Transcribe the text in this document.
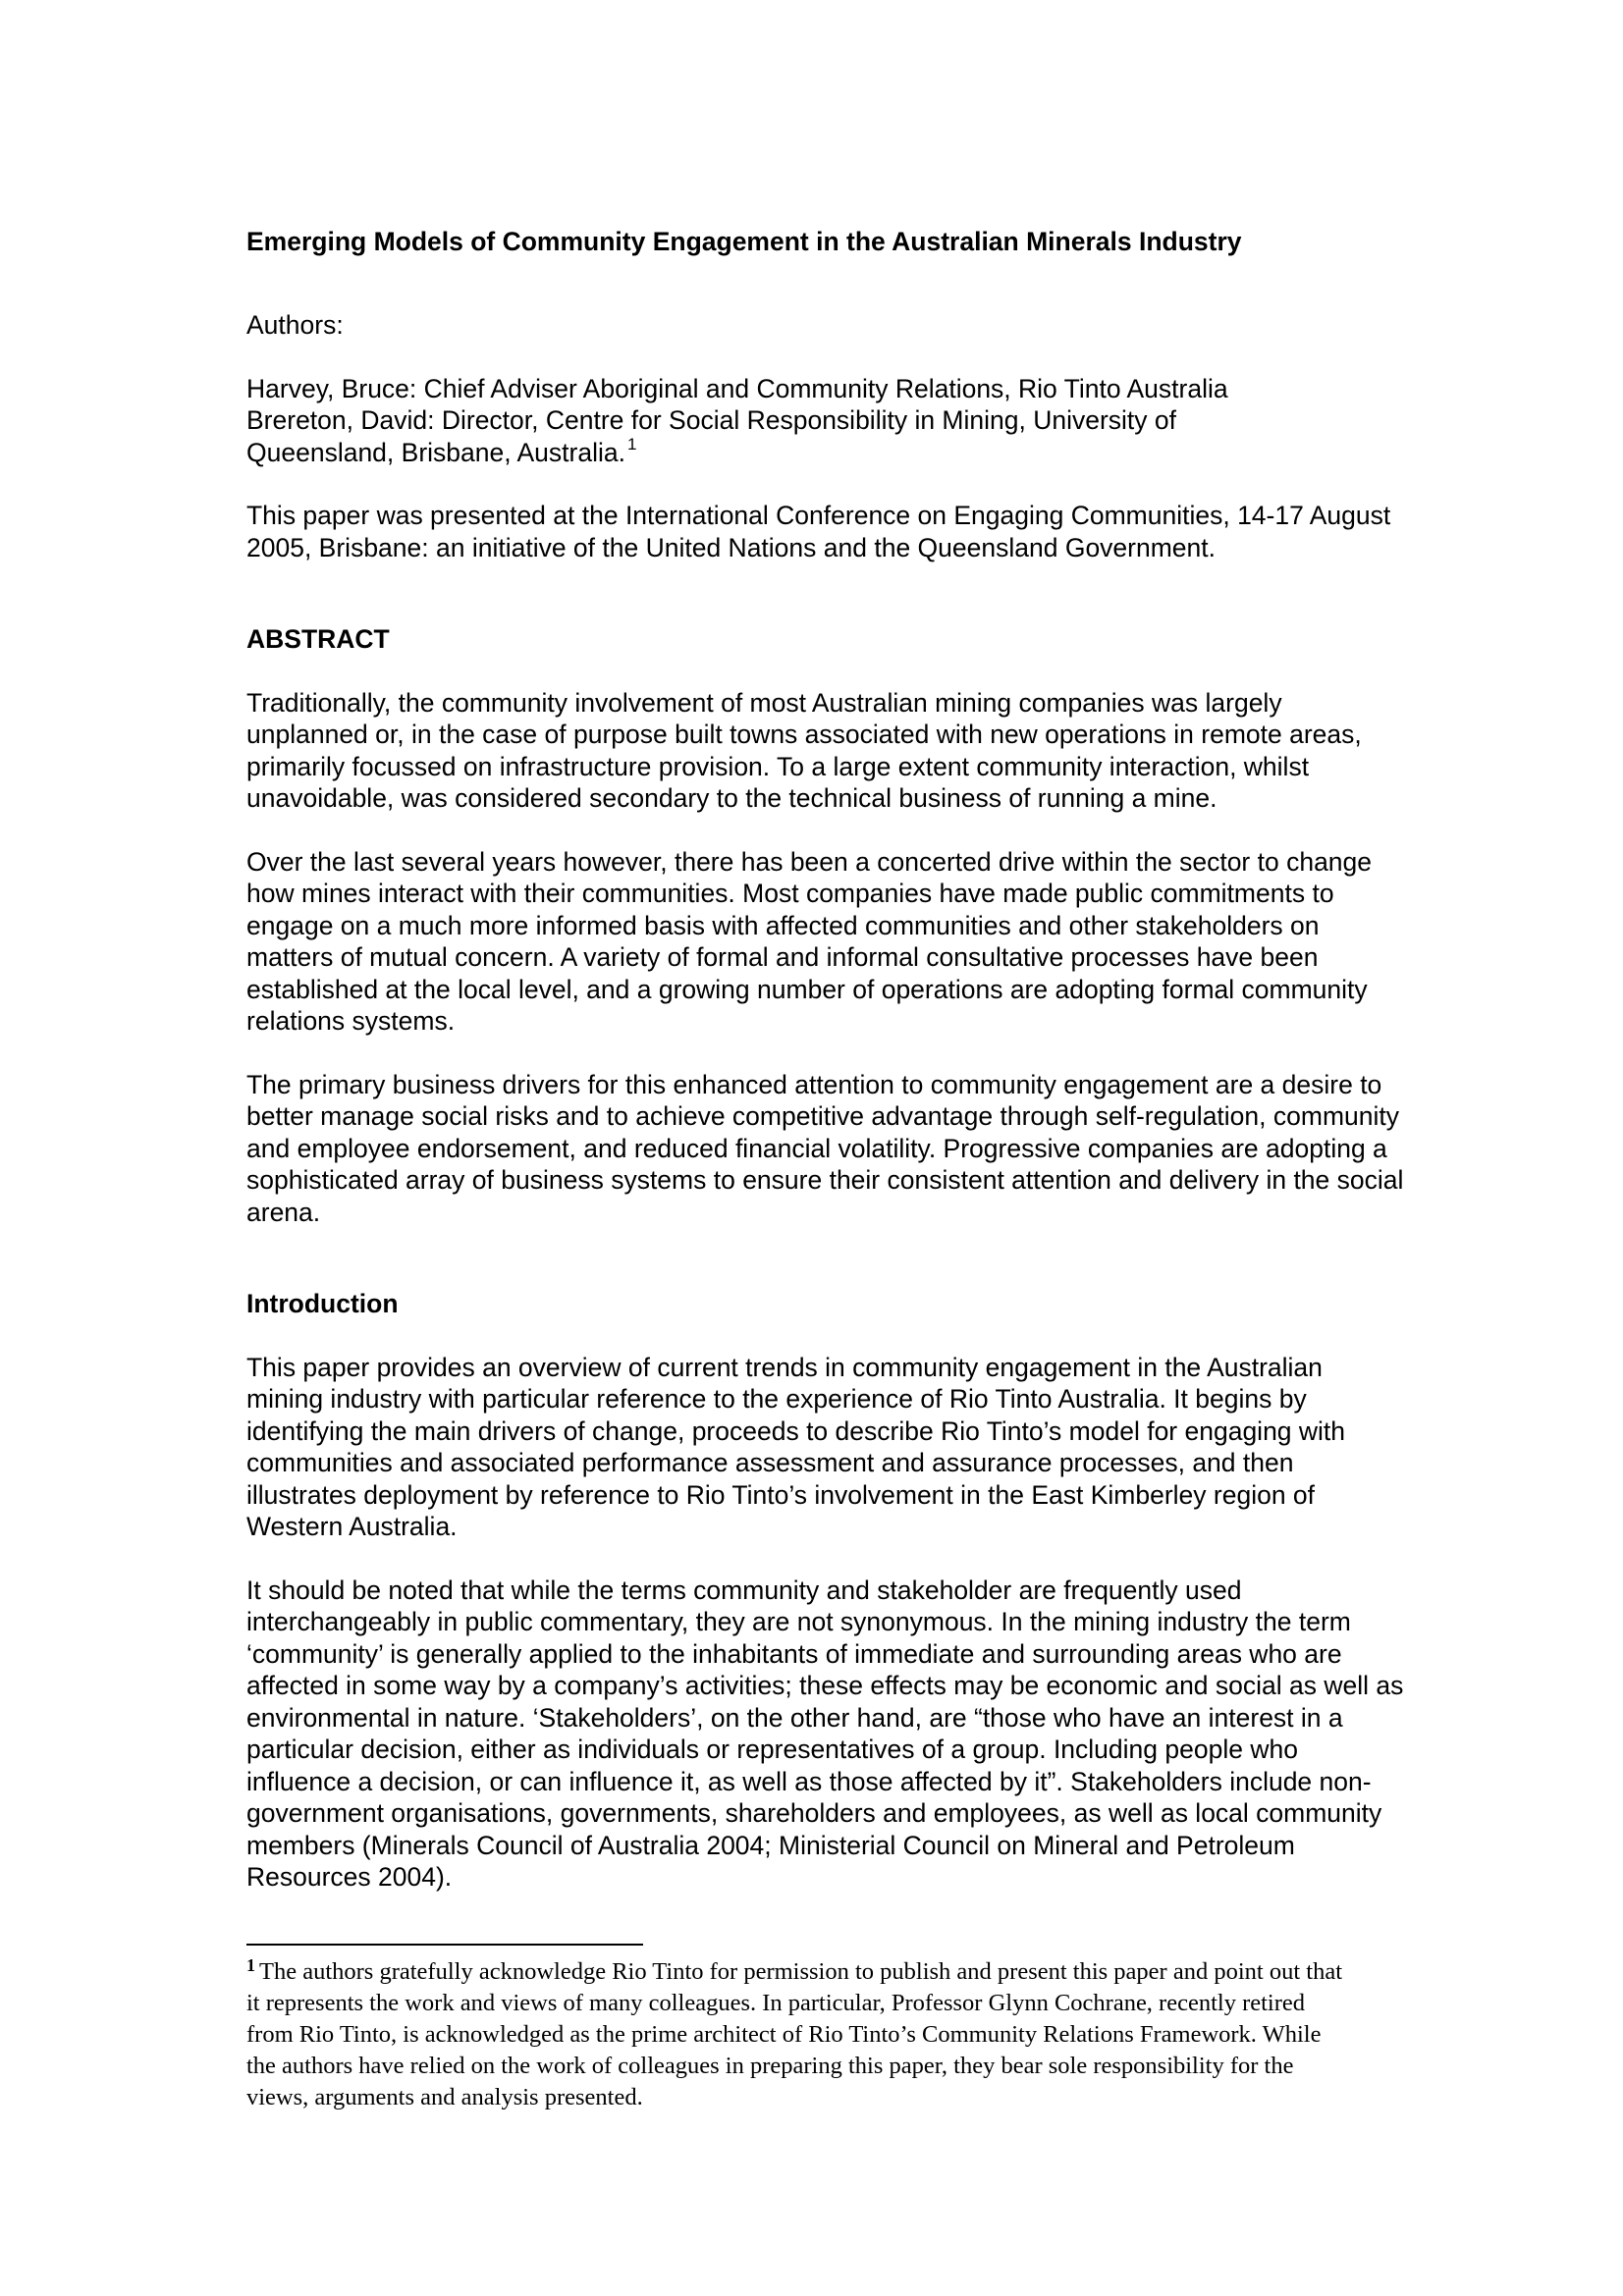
Emerging Models of Community Engagement in the Australian Minerals Industry
Authors:

Harvey, Bruce: Chief Adviser Aboriginal and Community Relations, Rio Tinto Australia
Brereton, David: Director, Centre for Social Responsibility in Mining, University of
Queensland, Brisbane, Australia. $^1$

This paper was presented at the International Conference on Engaging Communities, 14-17 August 2005, Brisbane: an initiative of the United Nations and the Queensland Government.

ABSTRACT

Traditionally, the community involvement of most Australian mining companies was largely unplanned or, in the case of purpose built towns associated with new operations in remote areas, primarily focussed on infrastructure provision. To a large extent community interaction, whilst unavoidable, was considered secondary to the technical business of running a mine.

Over the last several years however, there has been a concerted drive within the sector to change how mines interact with their communities. Most companies have made public commitments to engage on a much more informed basis with affected communities and other stakeholders on matters of mutual concern. A variety of formal and informal consultative processes have been established at the local level, and a growing number of operations are adopting formal community relations systems.

The primary business drivers for this enhanced attention to community engagement are a desire to better manage social risks and to achieve competitive advantage through self-regulation, community and employee endorsement, and reduced financial volatility. Progressive companies are adopting a sophisticated array of business systems to ensure their consistent attention and delivery in the social arena.

Introduction

This paper provides an overview of current trends in community engagement in the Australian mining industry with particular reference to the experience of Rio Tinto Australia. It begins by identifying the main drivers of change, proceeds to describe Rio Tinto’s model for engaging with communities and associated performance assessment and assurance processes, and then illustrates deployment by reference to Rio Tinto’s involvement in the East Kimberley region of Western Australia.

It should be noted that while the terms community and stakeholder are frequently used interchangeably in public commentary, they are not synonymous. In the mining industry the term ‘community’ is generally applied to the inhabitants of immediate and surrounding areas who are affected in some way by a company’s activities; these effects may be economic and social as well as environmental in nature. ‘Stakeholders’, on the other hand, are “those who have an interest in a particular decision, either as individuals or representatives of a group. Including people who influence a decision, or can influence it, as well as those affected by it”. Stakeholders include non-government organisations, governments, shareholders and employees, as well as local community members (Minerals Council of Australia 2004; Ministerial Council on Mineral and Petroleum Resources 2004).

$^1$ The authors gratefully acknowledge Rio Tinto for permission to publish and present this paper and point out that it represents the work and views of many colleagues. In particular, Professor Glynn Cochrane, recently retired from Rio Tinto, is acknowledged as the prime architect of Rio Tinto’s Community Relations Framework. While the authors have relied on the work of colleagues in preparing this paper, they bear sole responsibility for the views, arguments and analysis presented.
